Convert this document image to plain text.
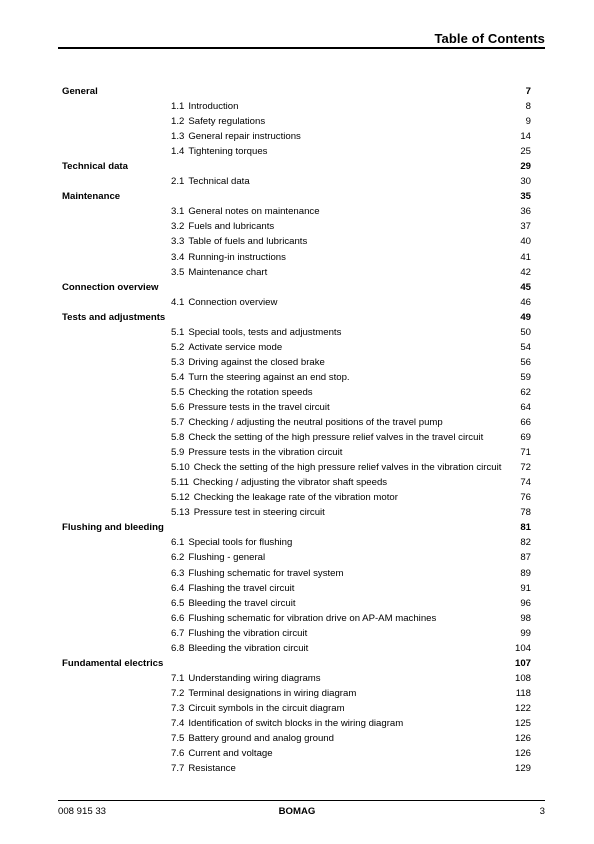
Table of Contents
General	7
1.1 Introduction	8
1.2 Safety regulations	9
1.3 General repair instructions	14
1.4 Tightening torques	25
Technical data	29
2.1 Technical data	30
Maintenance	35
3.1 General notes on maintenance	36
3.2 Fuels and lubricants	37
3.3 Table of fuels and lubricants	40
3.4 Running-in instructions	41
3.5 Maintenance chart	42
Connection overview	45
4.1 Connection overview	46
Tests and adjustments	49
5.1 Special tools, tests and adjustments	50
5.2 Activate service mode	54
5.3 Driving against the closed brake	56
5.4 Turn the steering against an end stop.	59
5.5 Checking the rotation speeds	62
5.6 Pressure tests in the travel circuit	64
5.7 Checking / adjusting the neutral positions of the travel pump	66
5.8 Check the setting of the high pressure relief valves in the travel circuit	69
5.9 Pressure tests in the vibration circuit	71
5.10 Check the setting of the high pressure relief valves in the vibration circuit 72
5.11 Checking / adjusting the vibrator shaft speeds	74
5.12 Checking the leakage rate of the vibration motor	76
5.13 Pressure test in steering circuit	78
Flushing and bleeding	81
6.1 Special tools for flushing	82
6.2 Flushing - general	87
6.3 Flushing schematic for travel system	89
6.4 Flashing the travel circuit	91
6.5 Bleeding the travel circuit	96
6.6 Flushing schematic for vibration drive on AP-AM machines	98
6.7 Flushing the vibration circuit	99
6.8 Bleeding the vibration circuit	104
Fundamental electrics	107
7.1 Understanding wiring diagrams	108
7.2 Terminal designations in wiring diagram	118
7.3 Circuit symbols in the circuit diagram	122
7.4 Identification of switch blocks in the wiring diagram	125
7.5 Battery ground and analog ground	126
7.6 Current and voltage	126
7.7 Resistance	129
008 915 33	BOMAG	3
